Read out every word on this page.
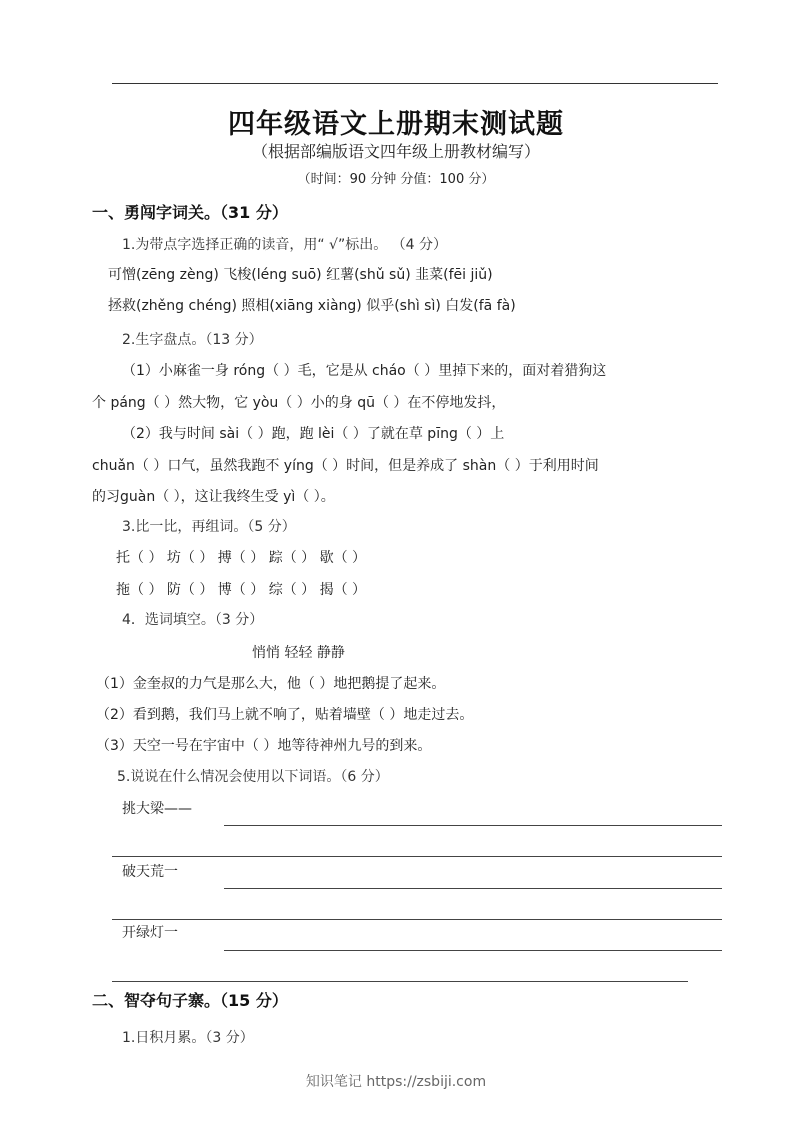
四年级语文上册期末测试题
（根据部编版语文四年级上册教材编写）
（时间：90 分钟 分值：100 分）
一、勇闯字词关。（31 分）
1.为带点字选择正确的读音，用“ √”标出。 （4 分）
可憎(zēng zèng) 飞梭(léng suō) 红薯(shǔ sǔ) 韭菜(fēi jiǔ)
拯救(zhěng chéng) 照相(xiāng xiàng) 似乎(shì sì) 白发(fā fà)
2.生字盘点。（13 分）
（1）小麻雀一身 róng（ ）毛，它是从 cháo（ ）里掉下来的，面对着猎狗这
个 páng（ ）然大物，它 yòu（ ）小的身 qū（ ）在不停地发抖，
（2）我与时间 sài（ ）跑，跑 lèi（ ）了就在草 pīng（ ）上
chuǎn（ ）口气，虽然我跑不 yíng（ ）时间，但是养成了 shàn（ ）于利用时间
的习guàn（ ），这让我终生受 yì（ ）。
3.比一比，再组词。（5 分）
托（ ） 坊（ ） 搏（ ） 踪（ ） 歇（ ）
拖（ ） 防（ ） 博（ ） 综（ ） 揭（ ）
4．选词填空。（3 分）
悄悄 轻轻 静静
（1）金奎叔的力气是那么大，他（ ）地把鹅提了起来。
（2）看到鹅，我们马上就不响了，贴着墙壁（ ）地走过去。
（3）天空一号在宇宙中（ ）地等待神州九号的到来。
5.说说在什么情况会使用以下词语。（6 分）
挑大梁——
破天荒一
开绿灯一
二、智夺句子寨。（15 分）
1.日积月累。（3 分）
知识笔记 https://zsbiji.com
